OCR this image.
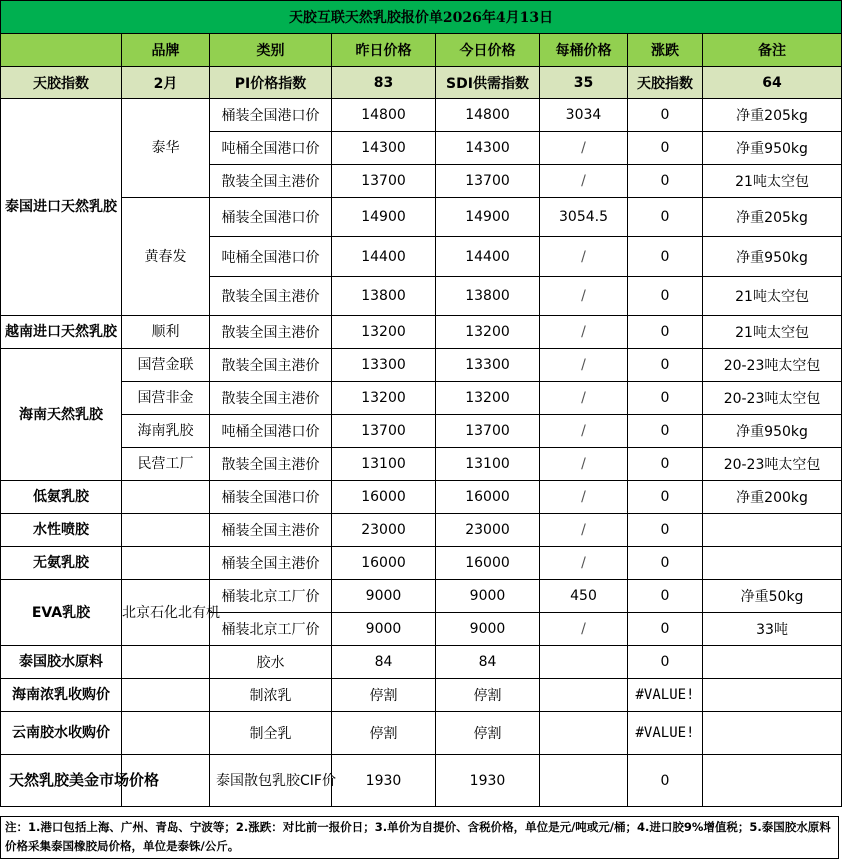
天胶互联天然乳胶报价单2026年4月13日							
	品牌	类别	昨日价格	今日价格	每桶价格	涨跌	备注
天胶指数	2月	PI价格指数	83	SDI供需指数	35	天胶指数	64
泰国进口天然乳胶	泰华	桶装全国港口价	14800	14800	3034	0	净重205kg
		吨桶全国港口价	14300	14300	/	0	净重950kg
		散装全国主港价	13700	13700	/	0	21吨太空包
	黄春发	桶装全国港口价	14900	14900	3054.5	0	净重205kg
		吨桶全国港口价	14400	14400	/	0	净重950kg
		散装全国主港价	13800	13800	/	0	21吨太空包
越南进口天然乳胶	顺利	散装全国主港价	13200	13200	/	0	21吨太空包
海南天然乳胶	国营金联	散装全国主港价	13300	13300	/	0	20-23吨太空包
	国营非金	散装全国主港价	13200	13200	/	0	20-23吨太空包
	海南乳胶	吨桶全国港口价	13700	13700	/	0	净重950kg
	民营工厂	散装全国主港价	13100	13100	/	0	20-23吨太空包
低氨乳胶		桶装全国港口价	16000	16000	/	0	净重200kg
水性喷胶		桶装全国主港价	23000	23000	/	0	
无氨乳胶		桶装全国主港价	16000	16000	/	0	
EVA乳胶	北京石化北有机	桶装北京工厂价	9000	9000	450	0	净重50kg
		桶装北京工厂价	9000	9000	/	0	33吨
泰国胶水原料		胶水	84	84		0	
海南浓乳收购价		制浓乳	停割	停割		#VALUE!	
云南胶水收购价		制全乳	停割	停割		#VALUE!	
天然乳胶美金市场价格		泰国散包乳胶CIF价	1930	1930		0	
注：1.港口包括上海、广州、青岛、宁波等；2.涨跌：对比前一报价日；3.单价为自提价、含税价格，单位是元/吨或元/桶；4.进口胶9%增值税；5.泰国胶水原料价格采集泰国橡胶局价格，单位是泰铢/公斤。
